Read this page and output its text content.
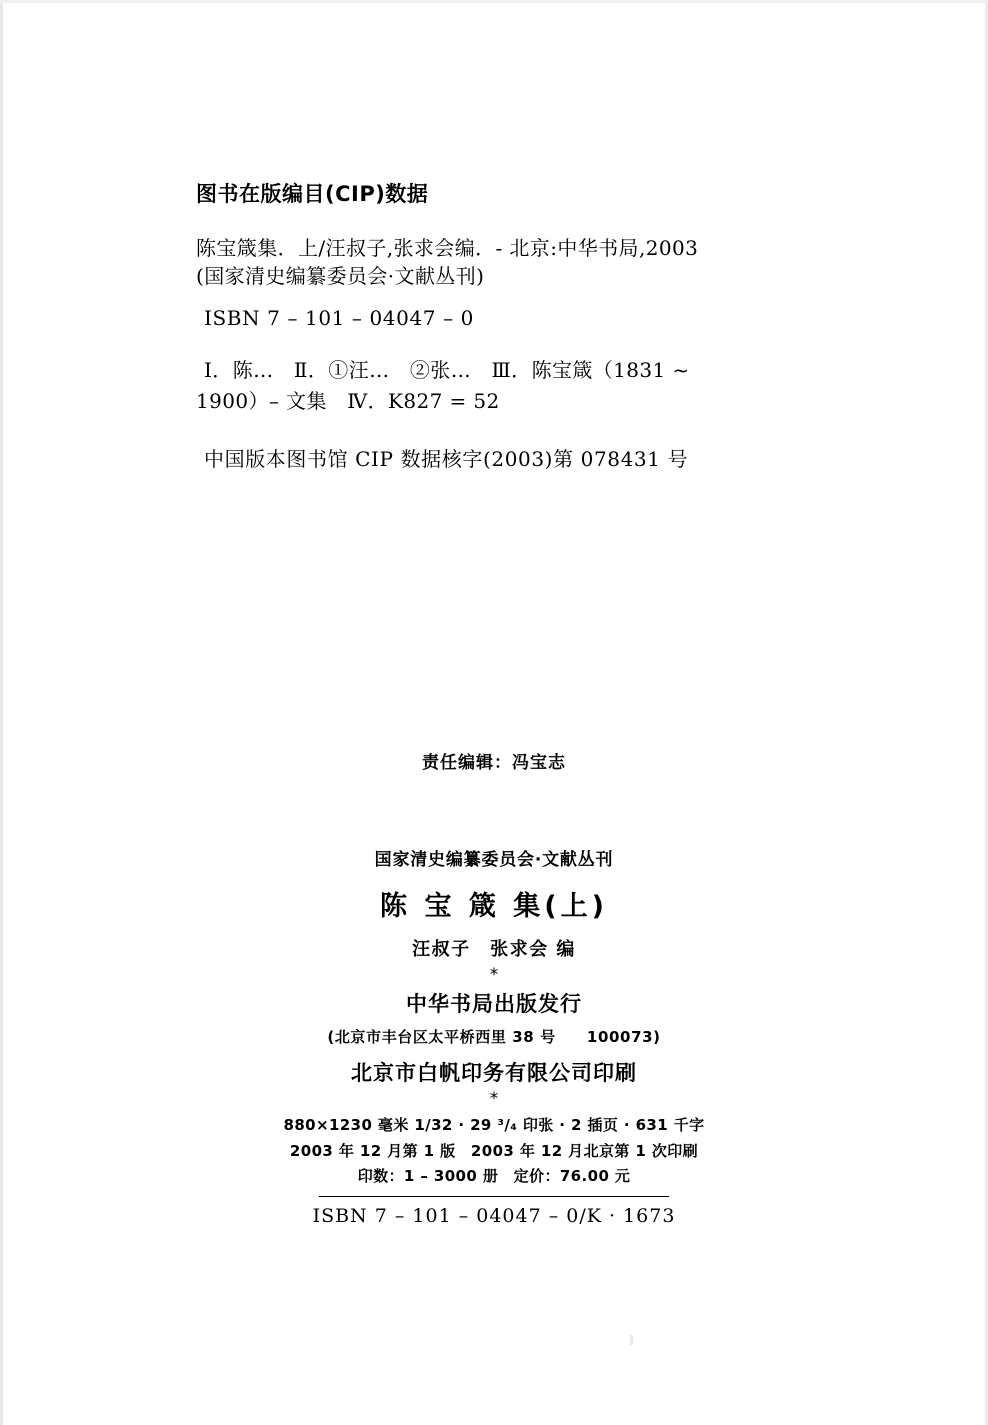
图书在版编目(CIP)数据
陈宝箴集．上/汪叔子,张求会编．- 北京:中华书局,2003
(国家清史编纂委员会·文献丛刊)
ISBN 7 – 101 – 04047 – 0
Ⅰ．陈…　Ⅱ．①汪…　②张…　Ⅲ．陈宝箴（1831 ~
1900）– 文集　Ⅳ．K827 = 52
中国版本图书馆 CIP 数据核字(2003)第 078431 号
责任编辑：冯宝志
国家清史编纂委员会·文献丛刊
陈 宝 箴 集(上)
汪叔子　张求会 编
*
中华书局出版发行
(北京市丰台区太平桥西里 38 号　　100073)
北京市白帆印务有限公司印刷
*
880×1230 毫米 1/32 · 29 ³/₄ 印张 · 2 插页 · 631 千字
2003 年 12 月第 1 版　2003 年 12 月北京第 1 次印刷
印数：1 – 3000 册　定价：76.00 元
ISBN 7 – 101 – 04047 – 0/K · 1673
